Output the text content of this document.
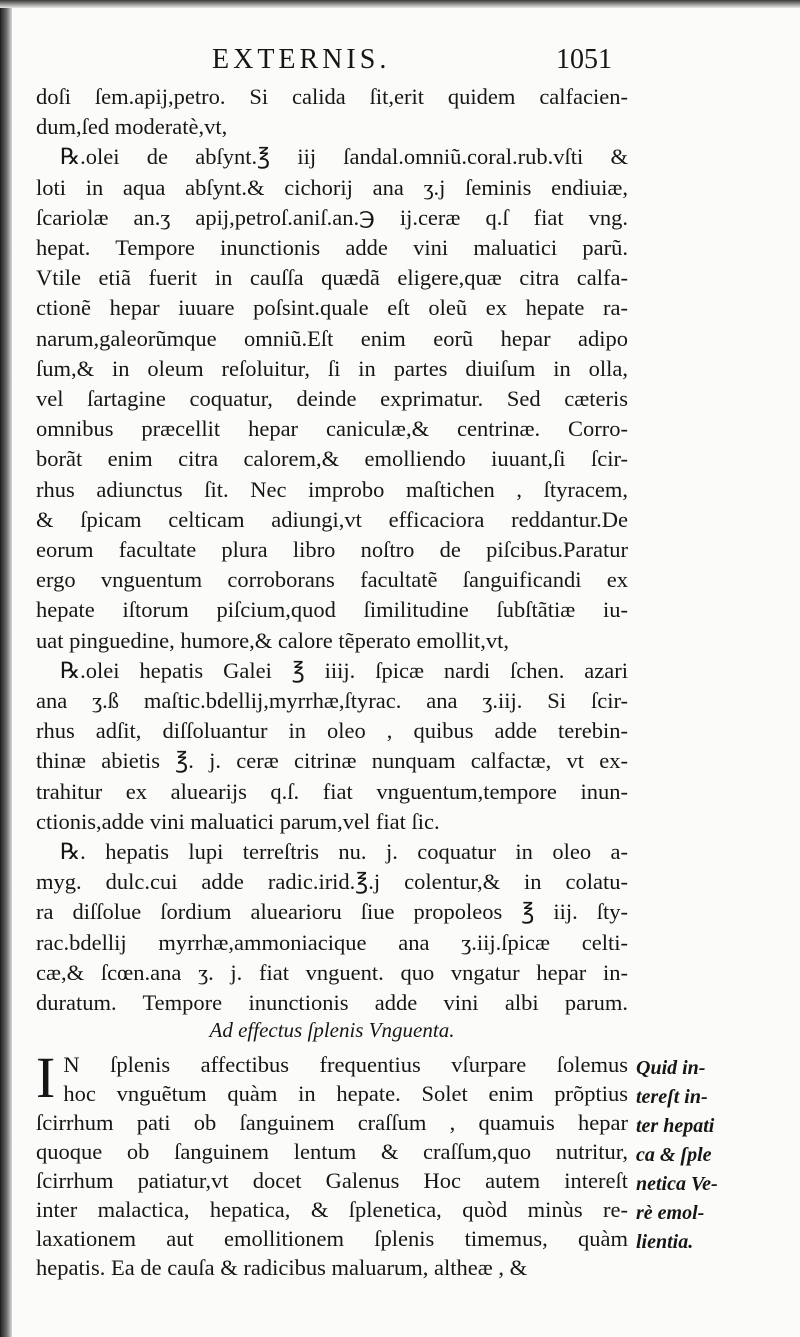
EXTERNIS.	1051
doſi ſem.apij,petro. Si calida ſit,erit quidem calfacien-
dum,ſed moderatè,vt,
℞.olei de abſynt.℥ iij ſandal.omniũ.coral.rub.vſti &
loti in aqua abſynt.& cichorij ana ʒ.j ſeminis endiuiæ,
ſcariolæ an.ʒ apij,petroſ.aniſ.an.℈ ij.ceræ q.ſ fiat vng.
hepat. Tempore inunctionis adde vini maluatici parũ.
Vtile etiã fuerit in cauſſa quædã eligere,quæ citra calfa-
ctionẽ hepar iuuare poſsint.quale eſt oleũ ex hepate ra-
narum,galeorũmque omniũ.Eſt enim eorũ hepar adipo
ſum,& in oleum reſoluitur, ſi in partes diuiſum in olla,
vel ſartagine coquatur, deinde exprimatur. Sed cæteris
omnibus præcellit hepar caniculæ,& centrinæ. Corro-
borãt enim citra calorem,& emolliendo iuuant,ſi ſcir-
rhus adiunctus ſit. Nec improbo maſtichen , ſtyracem,
& ſpicam celticam adiungi,vt efficaciora reddantur.De
eorum facultate plura libro noſtro de piſcibus.Paratur
ergo vnguentum corroborans facultatẽ ſanguificandi ex
hepate iſtorum piſcium,quod ſimilitudine ſubſtãtiæ iu-
uat pinguedine, humore,& calore tẽperato emollit,vt,
℞.olei hepatis Galei ℥ iiij. ſpicæ nardi ſchen. azari
ana ʒ.ß maſtic.bdellij,myrrhæ,ſtyrac. ana ʒ.iij. Si ſcir-
rhus adſit, diſſoluantur in oleo , quibus adde terebin-
thinæ abietis ℥. j. ceræ citrinæ nunquam calfactæ, vt ex-
trahitur ex aluearijs q.ſ. fiat vnguentum,tempore inun-
ctionis,adde vini maluatici parum,vel fiat ſic.
℞. hepatis lupi terreſtris nu. j. coquatur in oleo a-
myg. dulc.cui adde radic.irid.℥.j colentur,& in colatu-
ra diſſolue ſordium aluearioru ſiue propoleos ℥ iij. ſty-
rac.bdellij myrrhæ,ammoniacique ana ʒ.iij.ſpicæ celti-
cæ,& ſcœn.ana ʒ. j. fiat vnguent. quo vngatur hepar in-
duratum. Tempore inunctionis adde vini albi parum.
Ad effectus ſplenis Vnguenta.
I N ſplenis affectibus frequentius vſurpare ſolemus
hoc vnguẽtum quàm in hepate. Solet enim prõptius
ſcirrhum pati ob ſanguinem craſſum , quamuis hepar
quoque ob ſanguinem lentum & craſſum,quo nutritur,
ſcirrhum patiatur,vt docet Galenus Hoc autem intereſt
inter malactica, hepatica, & ſplenetica, quòd minùs re-
laxationem aut emollitionem ſplenis timemus, quàm
hepatis. Ea de cauſa & radicibus maluarum, altheæ , &
Quid in-
tereſt in-
ter hepati
ca & ſple
netica Ve-
rè emol-
lientia.
